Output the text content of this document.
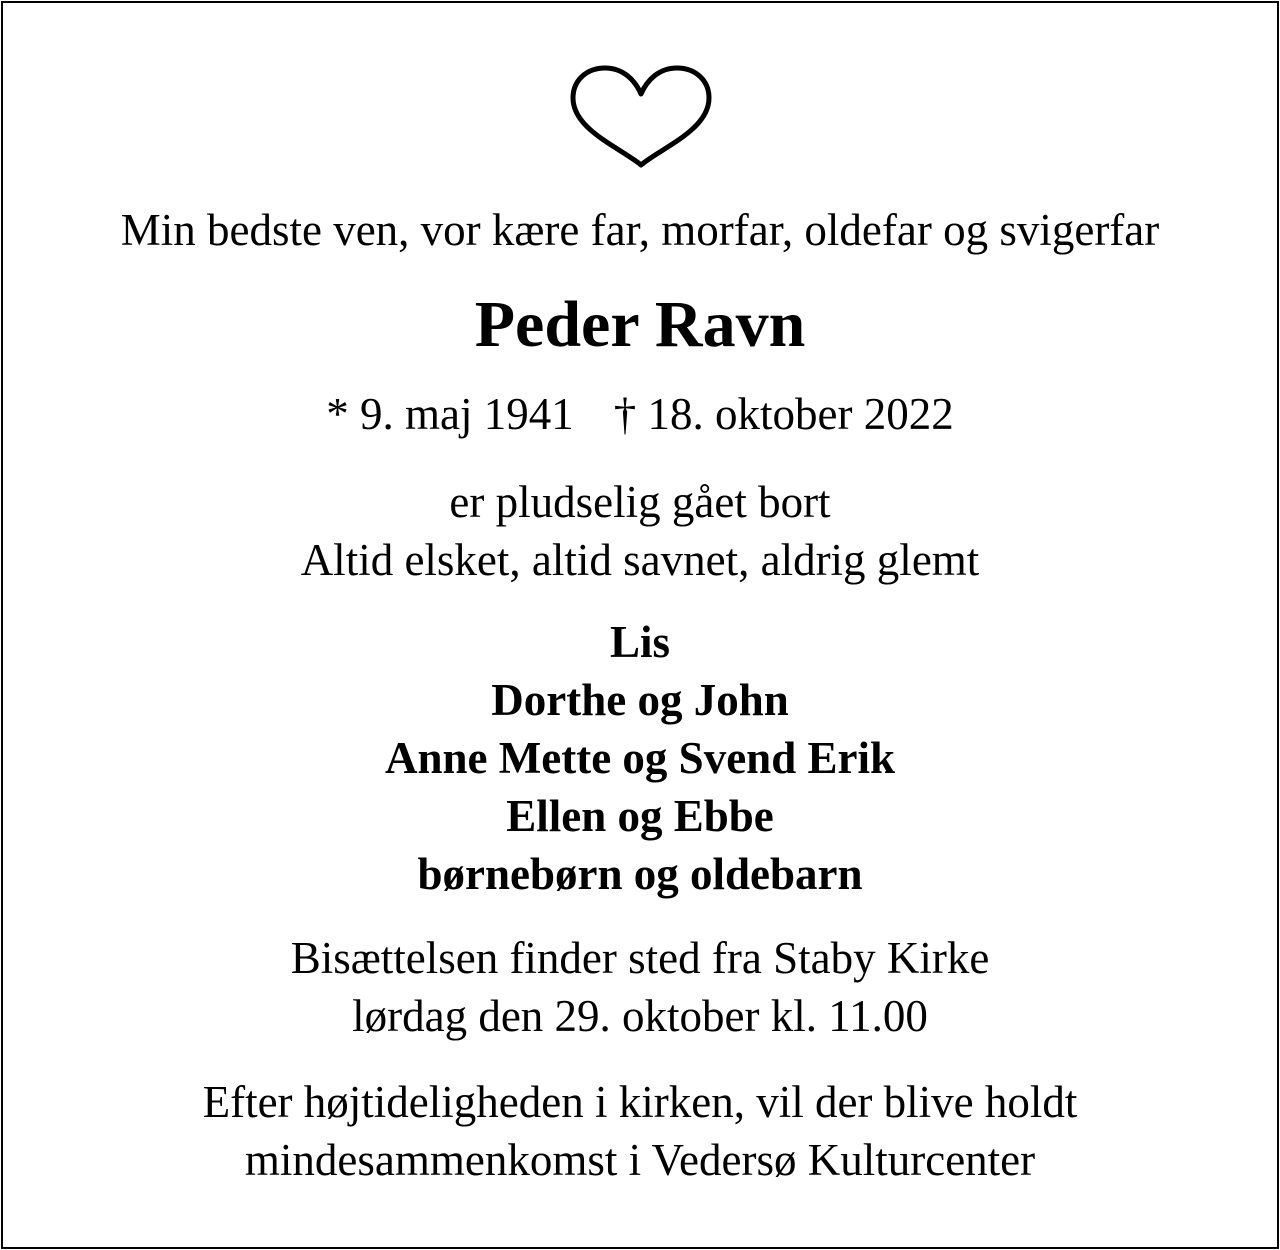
Min bedste ven, vor kære far, morfar, oldefar og svigerfar
Peder Ravn
* 9. maj 1941 † 18. oktober 2022
er pludselig gået bort
Altid elsket, altid savnet, aldrig glemt
Lis
Dorthe og John
Anne Mette og Svend Erik
Ellen og Ebbe
børnebørn og oldebarn
Bisættelsen finder sted fra Staby Kirke
lørdag den 29. oktober kl. 11.00
Efter højtideligheden i kirken, vil der blive holdt
mindesammenkomst i Vedersø Kulturcenter
